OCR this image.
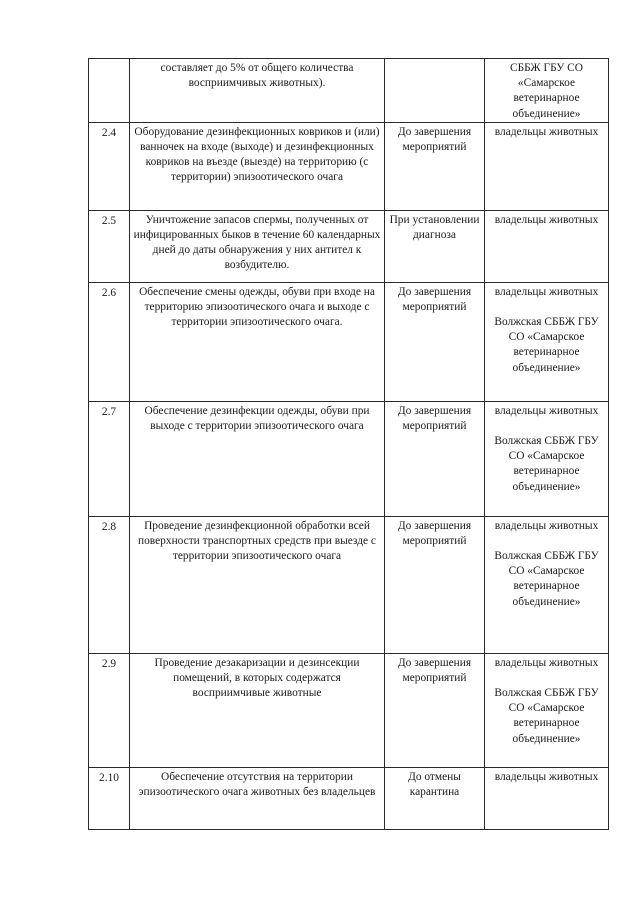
	составляет до 5% от общего количества восприимчивых животных).		СББЖ ГБУ СО «Самарское ветеринарное объединение»

2.4	Оборудование дезинфекционных ковриков и (или) ванночек на входе (выходе) и дезинфекционных ковриков на въезде (выезде) на территорию (с территории) эпизоотического очага	До завершения мероприятий	владельцы животных

2.5	Уничтожение запасов спермы, полученных от инфицированных быков в течение 60 календарных дней до даты обнаружения у них антител к возбудителю.	При установлении диагноза	владельцы животных

2.6	Обеспечение смены одежды, обуви при входе на территорию эпизоотического очага и выходе с территории эпизоотического очага.	До завершения мероприятий	владельцы животных
Волжская СББЖ ГБУ СО «Самарское ветеринарное объединение»

2.7	Обеспечение дезинфекции одежды, обуви при выходе с территории эпизоотического очага	До завершения мероприятий	владельцы животных
Волжская СББЖ ГБУ СО «Самарское ветеринарное объединение»

2.8	Проведение дезинфекционной обработки всей поверхности транспортных средств при выезде с территории эпизоотического очага	До завершения мероприятий	владельцы животных
Волжская СББЖ ГБУ СО «Самарское ветеринарное объединение»

2.9	Проведение дезакаризации и дезинсекции помещений, в которых содержатся восприимчивые животные	До завершения мероприятий	владельцы животных
Волжская СББЖ ГБУ СО «Самарское ветеринарное объединение»

2.10	Обеспечение отсутствия на территории эпизоотического очага животных без владельцев	До отмены карантина	владельцы животных
